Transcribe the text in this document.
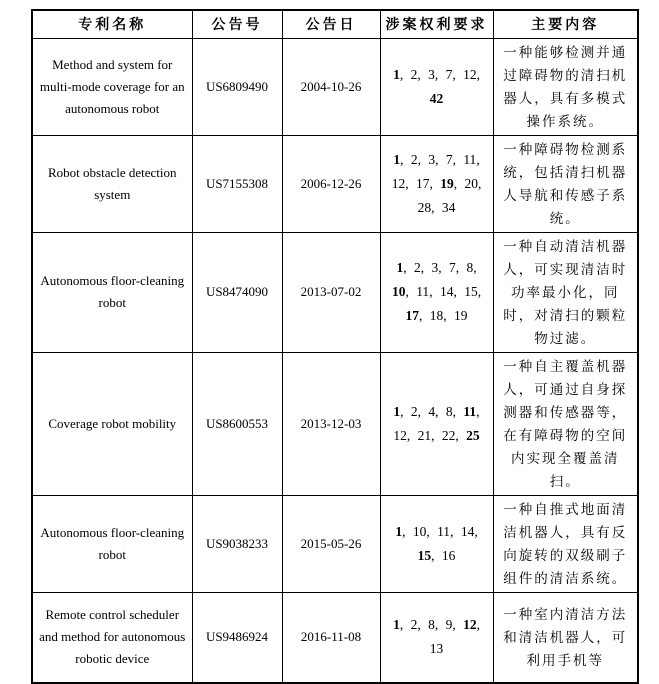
专利名称	公告号	公告日	涉案权利要求	主要内容
Method and system for multi-mode coverage for an autonomous robot	US6809490	2004-10-26	1, 2, 3, 7, 12, 42	一种能够检测并通过障碍物的清扫机器人，具有多模式操作系统。
Robot obstacle detection system	US7155308	2006-12-26	1, 2, 3, 7, 11, 12, 17, 19, 20, 28, 34	一种障碍物检测系统，包括清扫机器人导航和传感子系统。
Autonomous floor-cleaning robot	US8474090	2013-07-02	1, 2, 3, 7, 8, 10, 11, 14, 15, 17, 18, 19	一种自动清洁机器人，可实现清洁时功率最小化，同时，对清扫的颗粒物过滤。
Coverage robot mobility	US8600553	2013-12-03	1, 2, 4, 8, 11, 12, 21, 22, 25	一种自主覆盖机器人，可通过自身探测器和传感器等，在有障碍物的空间内实现全覆盖清扫。
Autonomous floor-cleaning robot	US9038233	2015-05-26	1, 10, 11, 14, 15, 16	一种自推式地面清洁机器人，具有反向旋转的双级刷子组件的清洁系统。
Remote control scheduler and method for autonomous robotic device	US9486924	2016-11-08	1, 2, 8, 9, 12, 13	一种室内清洁方法和清洁机器人，可利用手机等
